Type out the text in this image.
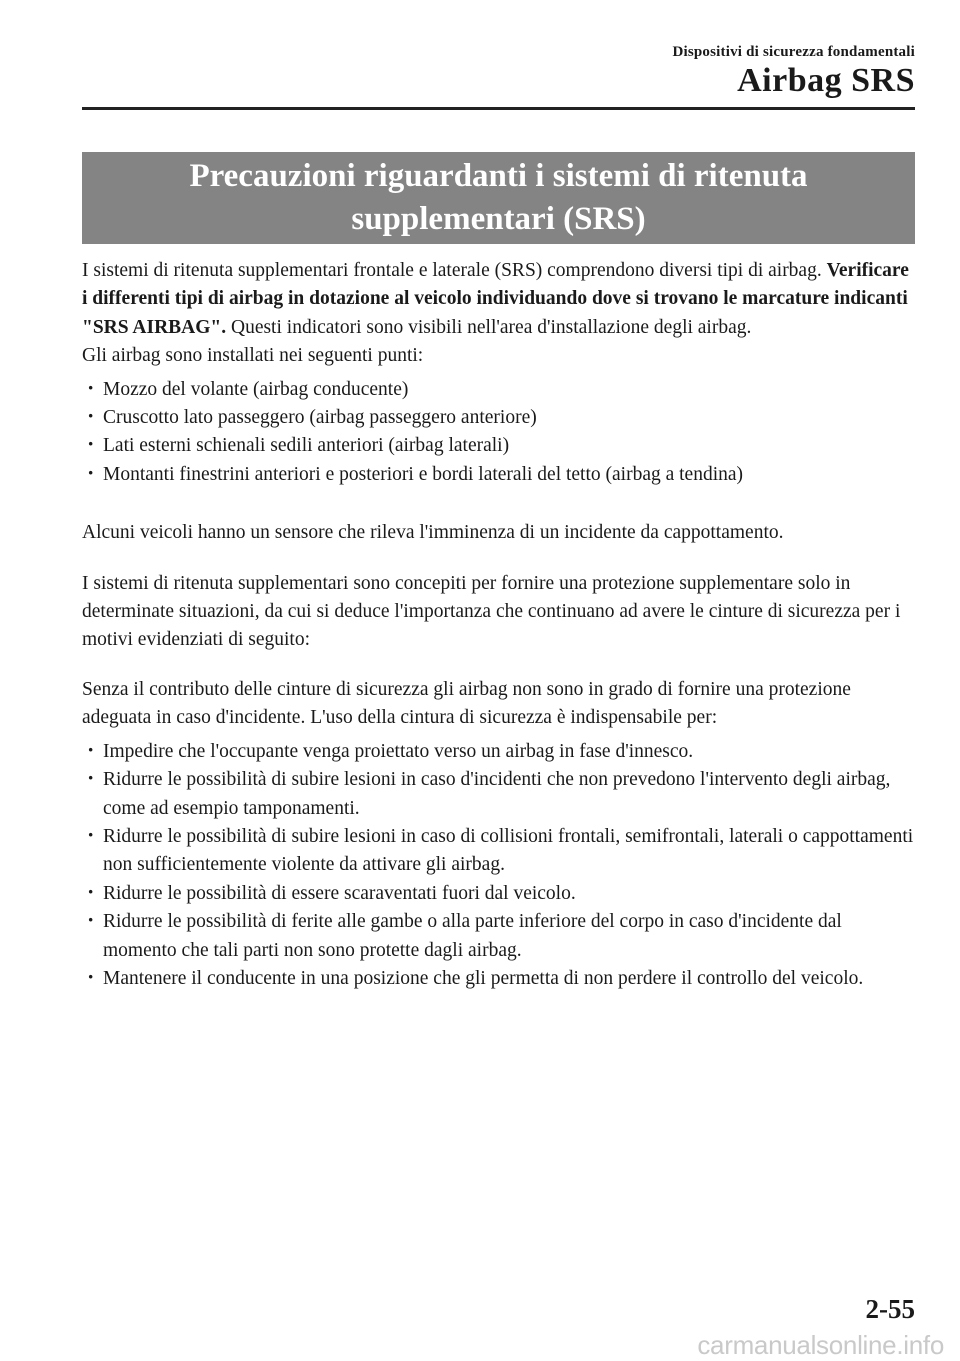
Dispositivi di sicurezza fondamentali
Airbag SRS
Precauzioni riguardanti i sistemi di ritenuta
supplementari (SRS)

I sistemi di ritenuta supplementari frontale e laterale (SRS) comprendono diversi tipi di airbag. Verificare i differenti tipi di airbag in dotazione al veicolo individuando dove si trovano le marcature indicanti "SRS AIRBAG". Questi indicatori sono visibili nell'area d'installazione degli airbag.

Gli airbag sono installati nei seguenti punti:

· Mozzo del volante (airbag conducente)
· Cruscotto lato passeggero (airbag passeggero anteriore)
· Lati esterni schienali sedili anteriori (airbag laterali)
· Montanti finestrini anteriori e posteriori e bordi laterali del tetto (airbag a tendina)

Alcuni veicoli hanno un sensore che rileva l'imminenza di un incidente da cappottamento.

I sistemi di ritenuta supplementari sono concepiti per fornire una protezione supplementare solo in determinate situazioni, da cui si deduce l'importanza che continuano ad avere le cinture di sicurezza per i motivi evidenziati di seguito:

Senza il contributo delle cinture di sicurezza gli airbag non sono in grado di fornire una protezione adeguata in caso d'incidente. L'uso della cintura di sicurezza è indispensabile per:

· Impedire che l'occupante venga proiettato verso un airbag in fase d'innesco.
· Ridurre le possibilità di subire lesioni in caso d'incidenti che non prevedono l'intervento degli airbag, come ad esempio tamponamenti.
· Ridurre le possibilità di subire lesioni in caso di collisioni frontali, semifrontali, laterali o cappottamenti non sufficientemente violente da attivare gli airbag.
· Ridurre le possibilità di essere scaraventati fuori dal veicolo.
· Ridurre le possibilità di ferite alle gambe o alla parte inferiore del corpo in caso d'incidente dal momento che tali parti non sono protette dagli airbag.
· Mantenere il conducente in una posizione che gli permetta di non perdere il controllo del veicolo.
2-55
carmanualsonline.info
